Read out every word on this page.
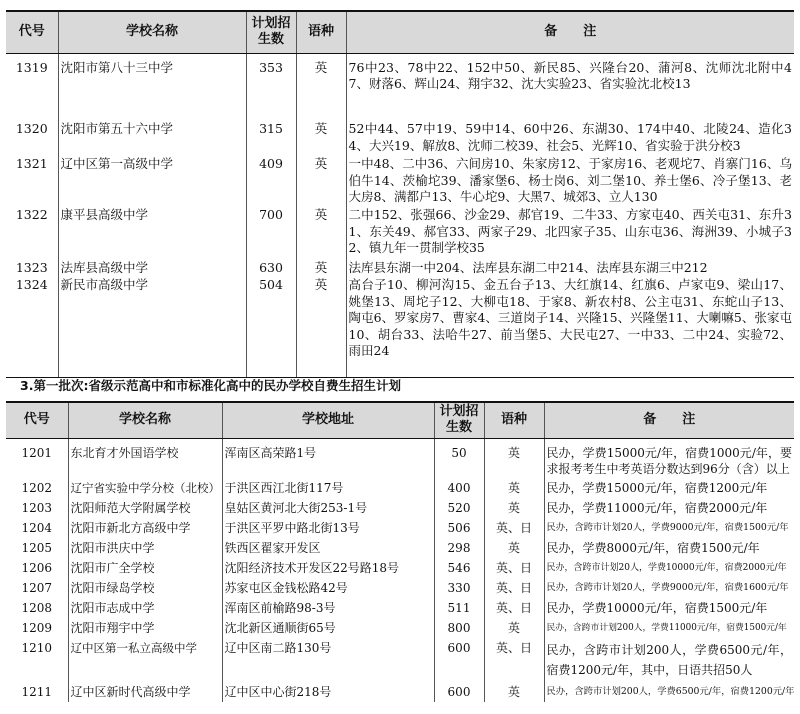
代号	学校名称	计划招生数	语种	备　　注
1319	沈阳市第八十三中学	353	英	76中23、78中22、152中50、新民85、兴隆台20、蒲河8、沈师沈北附中47、财落6、辉山24、翔宇32、沈大实验23、省实验沈北校13
1320	沈阳市第五十六中学	315	英	52中44、57中19、59中14、60中26、东湖30、174中40、北陵24、造化34、大兴19、解放8、沈师二校39、社会5、光辉10、省实验于洪分校3
1321	辽中区第一高级中学	409	英	一中48、二中36、六间房10、朱家房12、于家房16、老观坨7、肖寨门16、乌伯牛14、茨榆坨39、潘家堡6、杨士岗6、刘二堡10、养士堡6、冷子堡13、老大房8、满都户13、牛心坨9、大黑7、城郊3、立人130
1322	康平县高级中学	700	英	二中152、张强66、沙金29、郝官19、二牛33、方家屯40、西关屯31、东升31、东关49、郝官33、两家子29、北四家子35、山东屯36、海洲39、小城子32、镇九年一贯制学校35
1323	法库县高级中学	630	英	法库县东湖一中204、法库县东湖二中214、法库县东湖三中212
1324	新民市高级中学	504	英	高台子10、柳河沟15、金五台子13、大红旗14、红旗6、卢家屯9、梁山17、姚堡13、周坨子12、大柳屯18、于家8、新农村8、公主屯31、东蛇山子13、陶屯6、罗家房7、曹家4、三道岗子14、兴隆15、兴隆堡11、大喇嘛5、张家屯10、胡台33、法哈牛27、前当堡5、大民屯27、一中33、二中24、实验72、雨田24
3.第一批次:省级示范高中和市标准化高中的民办学校自费生招生计划
代号	学校名称	学校地址	计划招生数	语种	备　　注
1201	东北育才外国语学校	浑南区高荣路1号	50	英	民办，学费15000元/年，宿费1000元/年，要求报考考生中考英语分数达到96分（含）以上
1202	辽宁省实验中学分校（北校）	于洪区西江北街117号	400	英	民办，学费15000元/年，宿费1200元/年
1203	沈阳师范大学附属学校	皇姑区黄河北大街253-1号	520	英	民办，学费11000元/年，宿费2000元/年
1204	沈阳市新北方高级中学	于洪区平罗中路北街13号	506	英、日	民办，含跨市计划20人，学费9000元/年，宿费1500元/年
1205	沈阳市洪庆中学	铁西区翟家开发区	298	英	民办，学费8000元/年，宿费1500元/年
1206	沈阳市广全学校	沈阳经济技术开发区22号路18号	546	英、日	民办，含跨市计划20人，学费10000元/年，宿费2000元/年
1207	沈阳市绿岛学校	苏家屯区金钱松路42号	330	英、日	民办，含跨市计划20人，学费9000元/年，宿费1600元/年
1208	沈阳市志成中学	浑南区前榆路98-3号	511	英、日	民办，学费10000元/年，宿费1500元/年
1209	沈阳市翔宇中学	沈北新区通顺街65号	800	英	民办，含跨市计划200人，学费11000元/年，宿费1500元/年
1210	辽中区第一私立高级中学	辽中区南二路130号	600	英、日	民办，含跨市计划200人，学费6500元/年，宿费1200元/年，其中，日语共招50人
1211	辽中区新时代高级中学	辽中区中心街218号	600	英	民办，含跨市计划200人，学费6500元/年，宿费1200元/年
